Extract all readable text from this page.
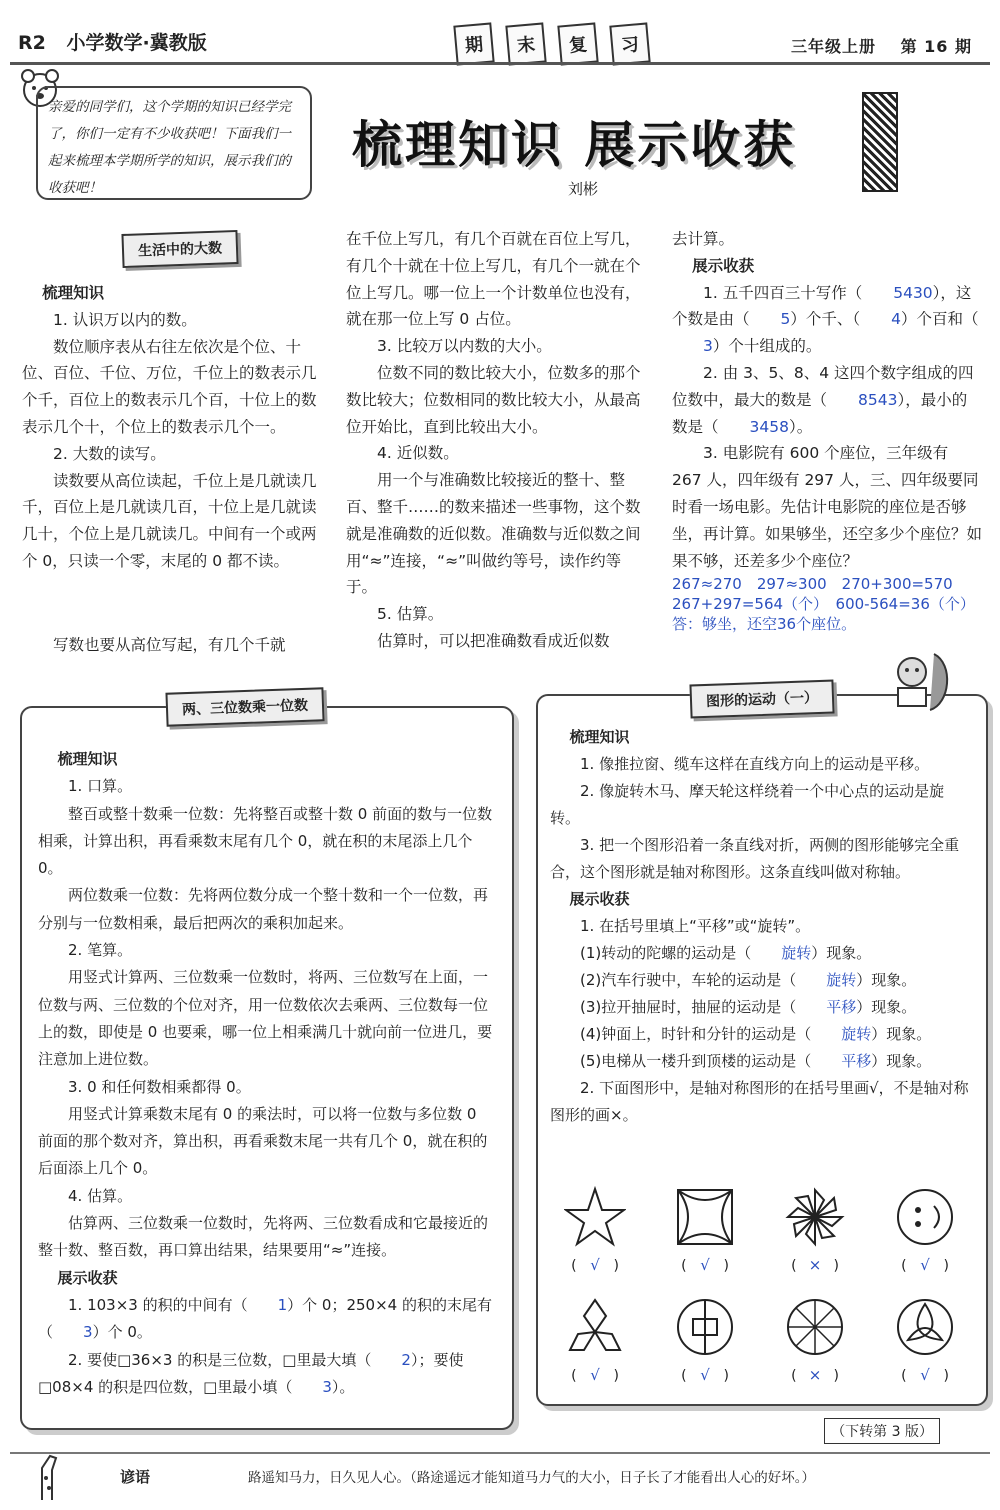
R2 小学数学·冀教版	期	末	复	习	三年级上册 第 16 期
亲爱的同学们，这个学期的知识已经学完了，你们一定有不少收获吧！下面我们一起来梳理本学期所学的知识，展示我们的收获吧！
梳理知识 展示收获
刘彬
生活中的大数

梳理知识

1. 认识万以内的数。

数位顺序表从右往左依次是个位、十位、百位、千位、万位，千位上的数表示几个千，百位上的数表示几个百，十位上的数表示几个十，个位上的数表示几个一。

2. 大数的读写。

读数要从高位读起，千位上是几就读几千，百位上是几就读几百，十位上是几就读几十，个位上是几就读几。中间有一个或两个 0，只读一个零，末尾的 0 都不读。

写数也要从高位写起，有几个千就

在千位上写几，有几个百就在百位上写几，有几个十就在十位上写几，有几个一就在个位上写几。哪一位上一个计数单位也没有，就在那一位上写 0 占位。

3. 比较万以内数的大小。

位数不同的数比较大小，位数多的那个数比较大；位数相同的数比较大小，从最高位开始比，直到比较出大小。

4. 近似数。

用一个与准确数比较接近的整十、整百、整千……的数来描述一些事物，这个数就是准确数的近似数。准确数与近似数之间用“≈”连接，“≈”叫做约等号，读作约等于。

5. 估算。

估算时，可以把准确数看成近似数

去计算。

展示收获

1. 五千四百三十写作（ 5430），这个数是由（ 5）个千、（ 4）个百和（3）个十组成的。

2. 由 3、5、8、4 这四个数字组成的四位数中，最大的数是（ 8543），最小的数是（ 3458）。

3. 电影院有 600 个座位，三年级有 267 人，四年级有 297 人，三、四年级要同时看一场电影。先估计电影院的座位是否够坐，再计算。如果够坐，还空多少个座位？如果不够，还差多少个座位？

267≈270　297≈300　270+300=570

267+297=564（个）　600-564=36（个）

答：够坐，还空36个座位。

两、三位数乘一位数

梳理知识

1. 口算。

整百或整十数乘一位数：先将整百或整十数 0 前面的数与一位数相乘，计算出积，再看乘数末尾有几个 0，就在积的末尾添上几个 0。

两位数乘一位数：先将两位数分成一个整十数和一个一位数，再分别与一位数相乘，最后把两次的乘积加起来。

2. 笔算。

用竖式计算两、三位数乘一位数时，将两、三位数写在上面，一位数与两、三位数的个位对齐，用一位数依次去乘两、三位数每一位上的数，即使是 0 也要乘，哪一位上相乘满几十就向前一位进几，要注意加上进位数。

3. 0 和任何数相乘都得 0。

用竖式计算乘数末尾有 0 的乘法时，可以将一位数与多位数 0 前面的那个数对齐，算出积，再看乘数末尾一共有几个 0，就在积的后面添上几个 0。

4. 估算。

估算两、三位数乘一位数时，先将两、三位数看成和它最接近的整十数、整百数，再口算出结果，结果要用“≈”连接。

展示收获

1. 103×3 的积的中间有（ 1）个 0；250×4 的积的末尾有（ 3）个 0。

2. 要使□36×3 的积是三位数，□里最大填（ 2）；要使□08×4 的积是四位数，□里最小填（ 3）。

图形的运动（一）

梳理知识

1. 像推拉窗、缆车这样在直线方向上的运动是平移。

2. 像旋转木马、摩天轮这样绕着一个中心点的运动是旋转。

3. 把一个图形沿着一条直线对折，两侧的图形能够完全重合，这个图形就是轴对称图形。这条直线叫做对称轴。

展示收获

1. 在括号里填上“平移”或“旋转”。

(1)转动的陀螺的运动是（ 旋转）现象。

(2)汽车行驶中，车轮的运动是（ 旋转）现象。

(3)拉开抽屉时，抽屉的运动是（ 平移）现象。

(4)钟面上，时针和分针的运动是（ 旋转）现象。

(5)电梯从一楼升到顶楼的运动是（ 平移）现象。

2. 下面图形中，是轴对称图形的在括号里画√，不是轴对称图形的画×。

( √ )	( √ )	( × )	( √ )
( √ )	( √ )	( × )	( √ )
（下转第 3 版）
谚语	路遥知马力，日久见人心。（路途遥远才能知道马力气的大小，日子长了才能看出人心的好坏。）
